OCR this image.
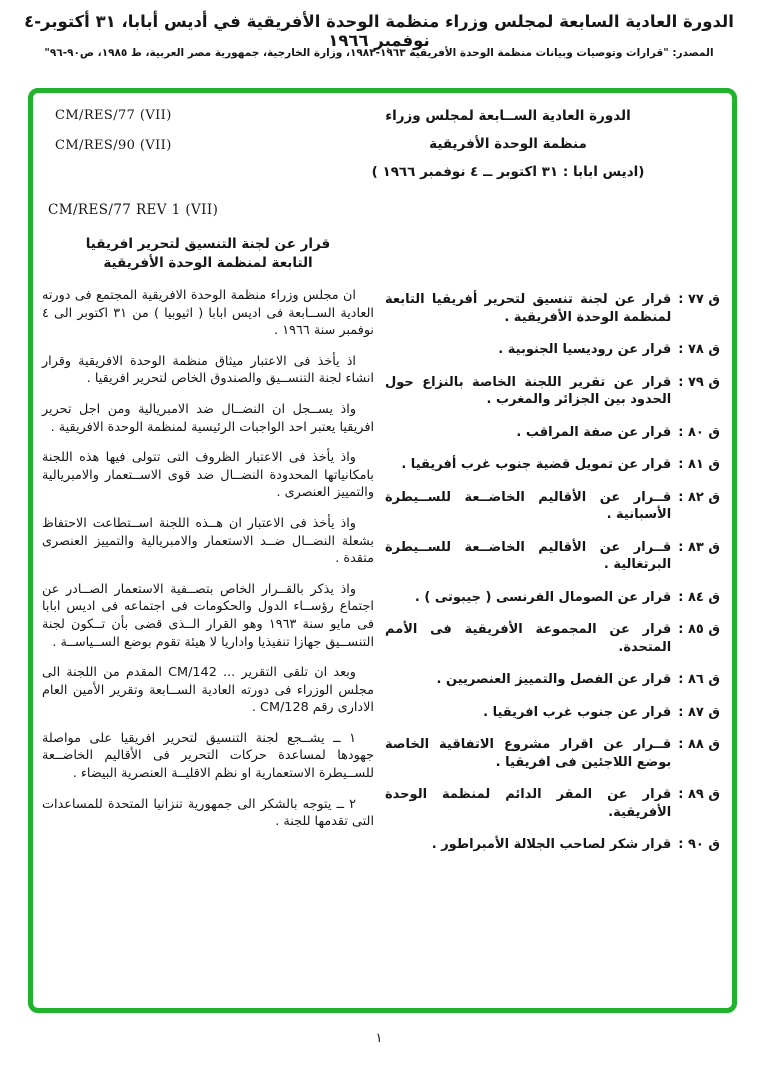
الدورة العادية السابعة لمجلس وزراء منظمة الوحدة الأفريقية في أديس أبابا، ٣١ أكتوبر-٤ نوفمبر ١٩٦٦
المصدر: "قرارات وتوصيات وبيانات منظمة الوحدة الأفريقية ١٩٦٣-١٩٨٣، وزارة الخارجية، جمهورية مصر العربية، ط ١٩٨٥، ص٩٠-٩٦"
CM/RES/77 (VII)
CM/RES/90 (VII)
الدورة العادية الســابعة لمجلس وزراء
منظمة الوحدة الأفريقية
(اديس ابابا : ٣١ اكتوبر ــ ٤ نوفمبر ١٩٦٦ )
CM/RES/77 REV 1 (VII)
قرار عن لجنة التنسيق لتحرير افريقيا
التابعة لمنظمة الوحدة الأفريقية

ان مجلس وزراء منظمة الوحدة الافريقية المجتمع فى دورته العادية الســابعة فى اديس ابابا ( اثيوبيا ) من ٣١ اكتوبر الى ٤ نوفمبر سنة ١٩٦٦ .

اذ يأخذ فى الاعتبار ميثاق منظمة الوحدة الافريقية وقرار انشاء لجنة التنســيق والصندوق الخاص لتحرير افريقيا .

واذ يســجل ان النضــال ضد الامبريالية ومن اجل تحرير افريقيا يعتبر احد الواجبات الرئيسية لمنظمة الوحدة الافريقية .

واذ يأخذ فى الاعتبار الظروف التى تتولى فيها هذه اللجنة بامكانياتها المحدودة النضــال ضد قوى الاســتعمار والامبريالية والتمييز العنصرى .

واذ يأخذ فى الاعتبار ان هــذه اللجنة اســتطاعت الاحتفاظ بشعلة النضــال ضــد الاستعمار والامبريالية والتمييز العنصرى متقدة .

واذ يذكر بالقــرار الخاص بتصــفية الاستعمار الصــادر عن اجتماع رؤســاء الدول والحكومات فى اجتماعه فى اديس ابابا فى مايو سنة ١٩٦٣ وهو القرار الــذى قضى بأن تــكون لجنة التنســيق جهازا تنفيذيا واداريا لا هيئة تقوم بوضع الســياســة .

وبعد ان تلقى التقرير ... CM/142 المقدم من اللجنة الى مجلس الوزراء فى دورته العادية الســابعة وتقرير الأمين العام الادارى رقم CM/128 .

١ ــ يشــجع لجنة التنسيق لتحرير افريقيا على مواصلة جهودها لمساعدة حركات التحرير فى الأقاليم الخاضــعة للســيطرة الاستعمارية او نظم الاقليــة العنصرية البيضاء .

٢ ــ يتوجه بالشكر الى جمهورية تنزانيا المتحدة للمساعدات التى تقدمها للجنة .

ق ٧٧ :
قرار عن لجنة تنسيق لتحرير أفريقيا التابعة لمنظمة الوحدة الأفريقية .
ق ٧٨ :
قرار عن روديسيا الجنوبية .
ق ٧٩ :
قرار عن تقرير اللجنة الخاصة بالنزاع حول الحدود بين الجزائر والمغرب .
ق ٨٠ :
قرار عن صفة المراقب .
ق ٨١ :
قرار عن تمويل قضية جنوب غرب أفريقيا .
ق ٨٢ :
قــرار عن الأقاليم الخاضــعة للســيطرة الأسبانية .
ق ٨٣ :
قــرار عن الأقاليم الخاضــعة للســيطرة البرتغالية .
ق ٨٤ :
قرار عن الصومال الفرنسى ( جيبوتى ) .
ق ٨٥ :
قرار عن المجموعة الأفريقية فى الأمم المتحدة.
ق ٨٦ :
قرار عن الفصل والتمييز العنصريين .
ق ٨٧ :
قرار عن جنوب غرب افريقيا .
ق ٨٨ :
قــرار عن اقرار مشروع الاتفاقية الخاصة بوضع اللاجئين فى افريقيا .
ق ٨٩ :
قرار عن المقر الدائم لمنظمة الوحدة الأفريقية.
ق ٩٠ :
قرار شكر لصاحب الجلالة الأمبراطور .
١
